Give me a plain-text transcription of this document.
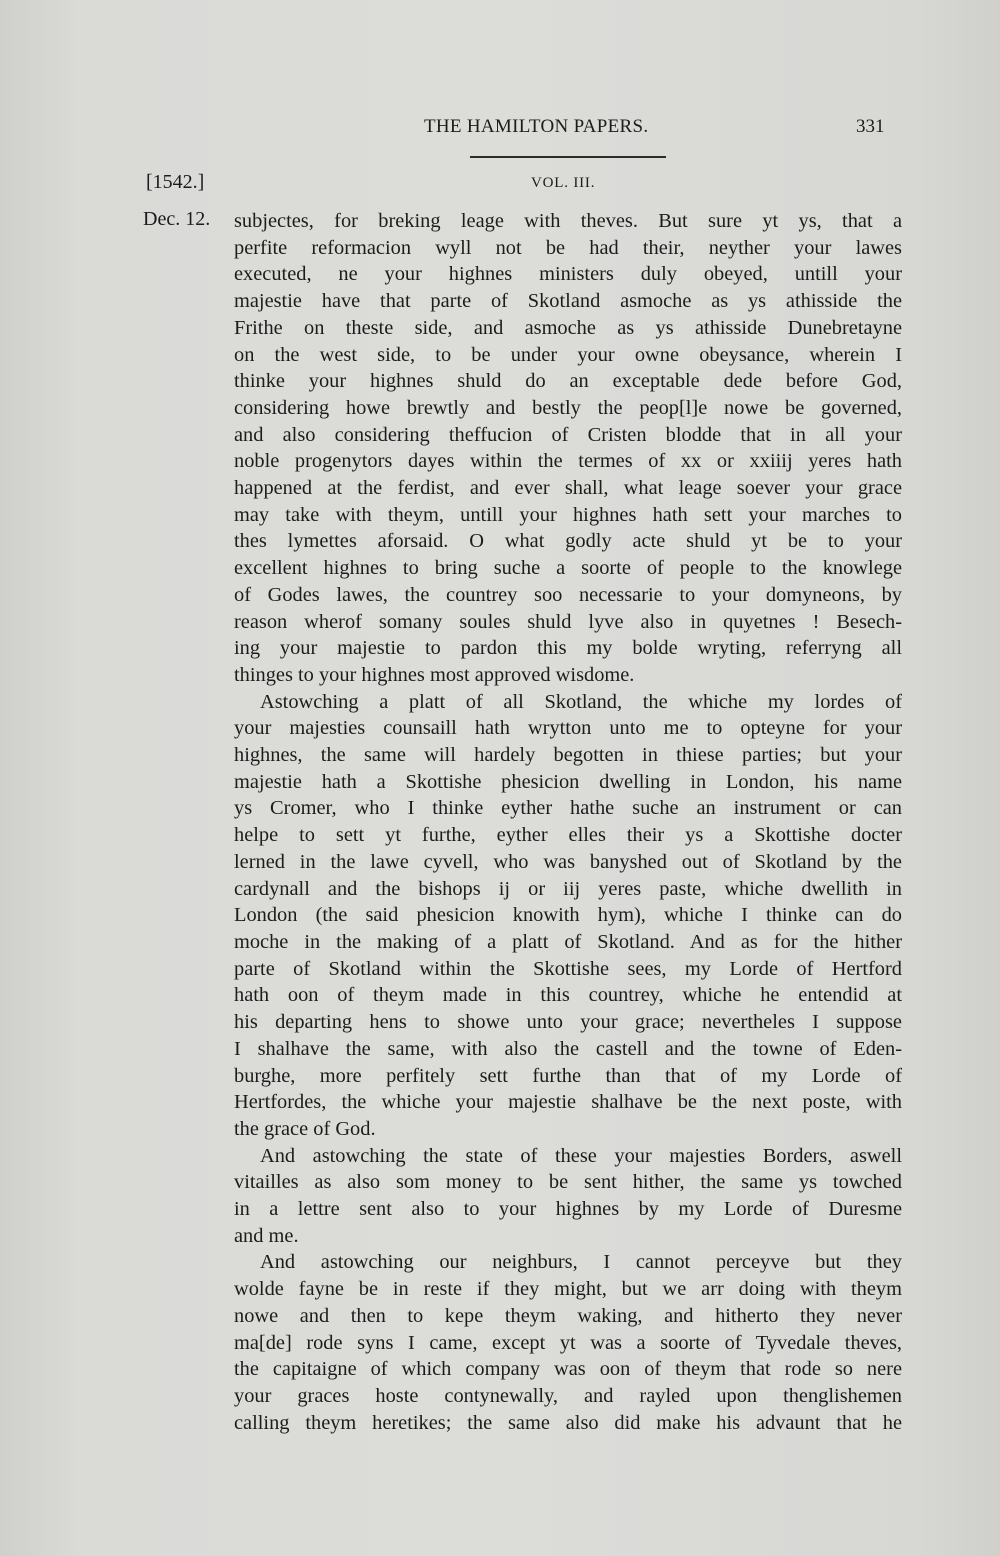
THE HAMILTON PAPERS.	331
[1542.]	VOL. III.
Dec. 12. subjectes, for breking leage with theves. But sure yt ys, that a
perfite reformacion wyll not be had their, neyther your lawes
executed, ne your highnes ministers duly obeyed, untill your
majestie have that parte of Skotland asmoche as ys athisside the
Frithe on theste side, and asmoche as ys athisside Dunebretayne
on the west side, to be under your owne obeysance, wherein I
thinke your highnes shuld do an exceptable dede before God,
considering howe brewtly and bestly the peop[l]e nowe be governed,
and also considering theffucion of Cristen blodde that in all your
noble progenytors dayes within the termes of xx or xxiiij yeres hath
happened at the ferdist, and ever shall, what leage soever your grace
may take with theym, untill your highnes hath sett your marches to
thes lymettes aforsaid. O what godly acte shuld yt be to your
excellent highnes to bring suche a soorte of people to the knowlege
of Godes lawes, the countrey soo necessarie to your domyneons, by
reason wherof somany soules shuld lyve also in quyetnes ! Besech-
ing your majestie to pardon this my bolde wryting, referryng all
thinges to your highnes most approved wisdome.
Astowching a platt of all Skotland, the whiche my lordes of
your majesties counsaill hath wrytton unto me to opteyne for your
highnes, the same will hardely begotten in thiese parties; but your
majestie hath a Skottishe phesicion dwelling in London, his name
ys Cromer, who I thinke eyther hathe suche an instrument or can
helpe to sett yt furthe, eyther elles their ys a Skottishe docter
lerned in the lawe cyvell, who was banyshed out of Skotland by the
cardynall and the bishops ij or iij yeres paste, whiche dwellith in
London (the said phesicion knowith hym), whiche I thinke can do
moche in the making of a platt of Skotland. And as for the hither
parte of Skotland within the Skottishe sees, my Lorde of Hertford
hath oon of theym made in this countrey, whiche he entendid at
his departing hens to showe unto your grace; nevertheles I suppose
I shalhave the same, with also the castell and the towne of Eden-
burghe, more perfitely sett furthe than that of my Lorde of
Hertfordes, the whiche your majestie shalhave be the next poste, with
the grace of God.
And astowching the state of these your majesties Borders, aswell
vitailles as also som money to be sent hither, the same ys towched
in a lettre sent also to your highnes by my Lorde of Duresme
and me.
And astowching our neighburs, I cannot perceyve but they
wolde fayne be in reste if they might, but we arr doing with theym
nowe and then to kepe theym waking, and hitherto they never
ma[de] rode syns I came, except yt was a soorte of Tyvedale theves,
the capitaigne of which company was oon of theym that rode so nere
your graces hoste contynewally, and rayled upon thenglishemen
calling theym heretikes; the same also did make his advaunt that he
